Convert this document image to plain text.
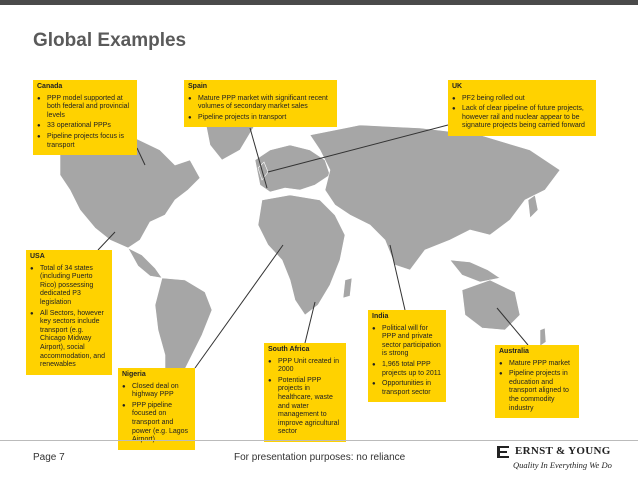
Global Examples
Canada
● PPP model supported at both federal and provincial levels
● 33 operational PPPs
● Pipeline projects focus is transport
Spain
● Mature PPP market with significant recent volumes of secondary market sales
● Pipeline projects in transport
UK
● PF2 being rolled out
● Lack of clear pipeline of future projects, however rail and nuclear appear to be signature projects being carried forward
USA
● Total of 34 states (including Puerto Rico) possessing dedicated P3 legislation
● All Sectors, however key sectors include transport (e.g. Chicago Midway Airport), social accommodation, and renewables
Nigeria
● Closed deal on highway PPP
● PPP pipeline focused on transport and power (e.g. Lagos
South Africa
● PPP Unit created in 2000
● Potential PPP projects in healthcare, waste and water management to improve agricultural sector
India
● Political will for PPP and private sector participation is strong
● 1,965 total PPP projects up to 2011
● Opportunities in transport sector
Australia
● Mature PPP market
● Pipeline projects in education and transport aligned to the commodity industry
Page 7	For presentation purposes: no reliance
ERNST & YOUNG
Quality In Everything We Do
